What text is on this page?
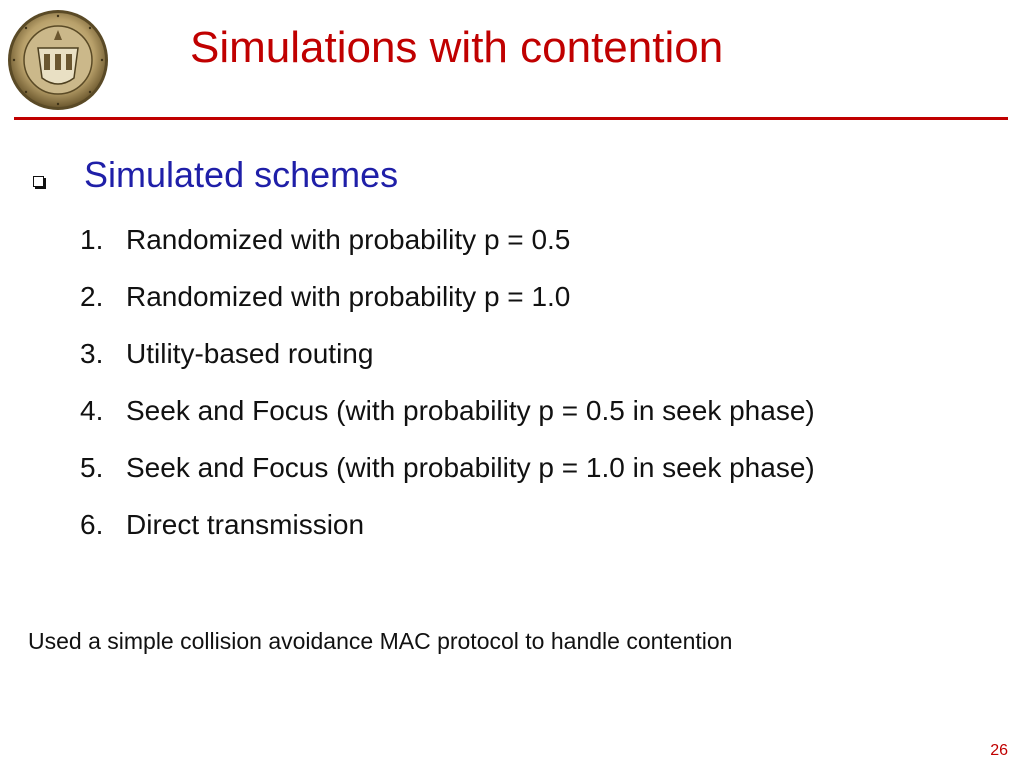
Simulations with contention
Simulated schemes
1. Randomized with probability p = 0.5
2. Randomized with probability p = 1.0
3. Utility-based routing
4. Seek and Focus (with probability p = 0.5 in seek phase)
5. Seek and Focus (with probability p = 1.0 in seek phase)
6. Direct transmission
Used a simple collision avoidance MAC protocol to handle contention
26
